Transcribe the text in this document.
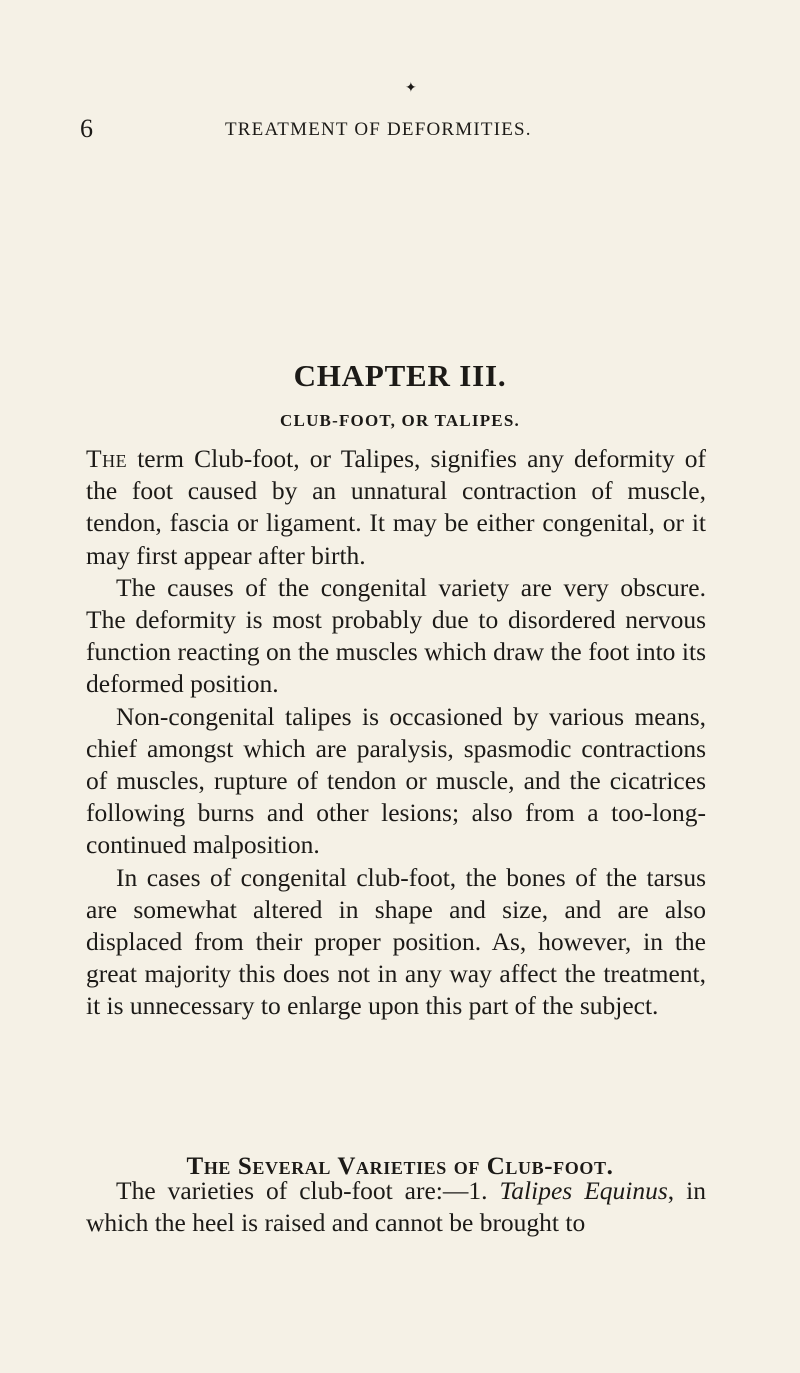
✦
6	TREATMENT OF DEFORMITIES.
CHAPTER III.
CLUB-FOOT, OR TALIPES.

The term Club-foot, or Talipes, signifies any deformity of the foot caused by an unnatural contraction of muscle, tendon, fascia or ligament. It may be either congenital, or it may first appear after birth.

The causes of the congenital variety are very obscure. The deformity is most probably due to disordered nervous function reacting on the muscles which draw the foot into its deformed position.

Non-congenital talipes is occasioned by various means, chief amongst which are paralysis, spasmodic contractions of muscles, rupture of tendon or muscle, and the cicatrices following burns and other lesions; also from a too-long-continued malposition.

In cases of congenital club-foot, the bones of the tarsus are somewhat altered in shape and size, and are also displaced from their proper position. As, however, in the great majority this does not in any way affect the treatment, it is unnecessary to enlarge upon this part of the subject.

The Several Varieties of Club-foot.

The varieties of club-foot are:—1. Talipes Equinus, in which the heel is raised and cannot be brought to
